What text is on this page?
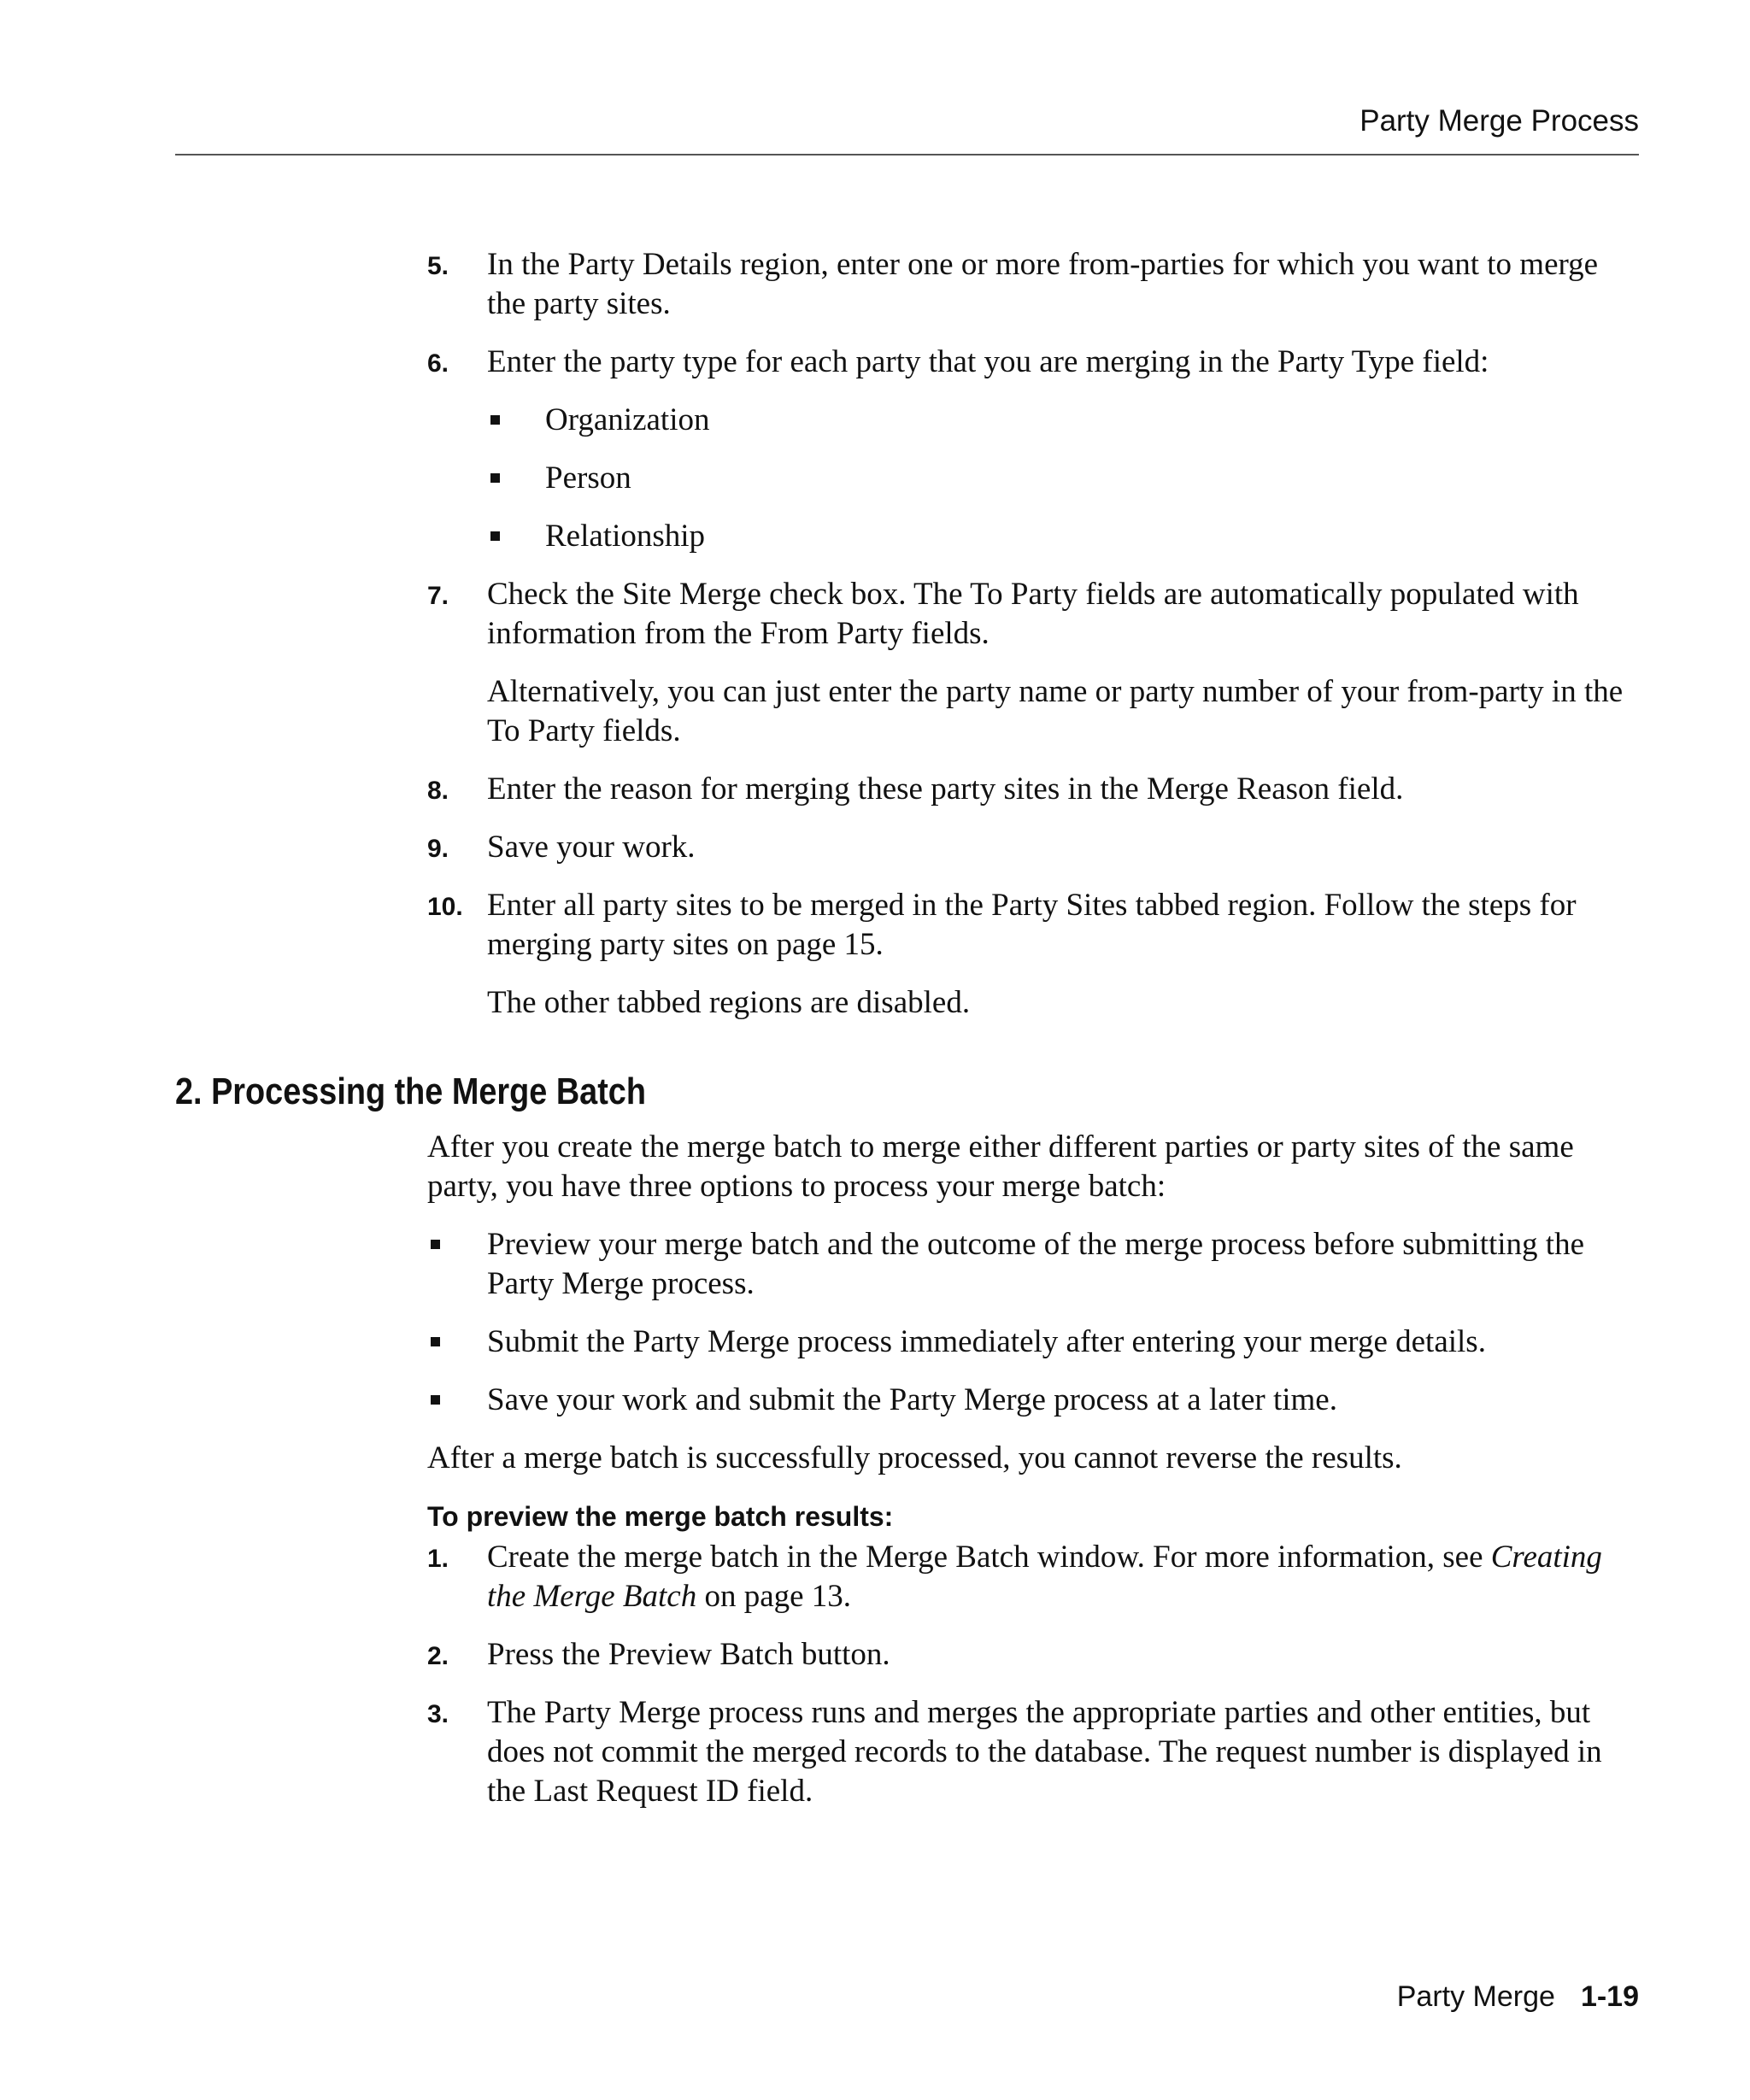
Party Merge Process
5. In the Party Details region, enter one or more from-parties for which you want to merge the party sites.
6. Enter the party type for each party that you are merging in the Party Type field:
Organization
Person
Relationship
7. Check the Site Merge check box. The To Party fields are automatically populated with information from the From Party fields.
Alternatively, you can just enter the party name or party number of your from-party in the To Party fields.
8. Enter the reason for merging these party sites in the Merge Reason field.
9. Save your work.
10. Enter all party sites to be merged in the Party Sites tabbed region. Follow the steps for merging party sites on page 15.
The other tabbed regions are disabled.
2. Processing the Merge Batch

After you create the merge batch to merge either different parties or party sites of the same party, you have three options to process your merge batch:

Preview your merge batch and the outcome of the merge process before submitting the Party Merge process.
Submit the Party Merge process immediately after entering your merge details.
Save your work and submit the Party Merge process at a later time.

After a merge batch is successfully processed, you cannot reverse the results.

To preview the merge batch results:
1. Create the merge batch in the Merge Batch window. For more information, see Creating the Merge Batch on page 13.
2. Press the Preview Batch button.
3. The Party Merge process runs and merges the appropriate parties and other entities, but does not commit the merged records to the database. The request number is displayed in the Last Request ID field.
Party Merge 1-19
